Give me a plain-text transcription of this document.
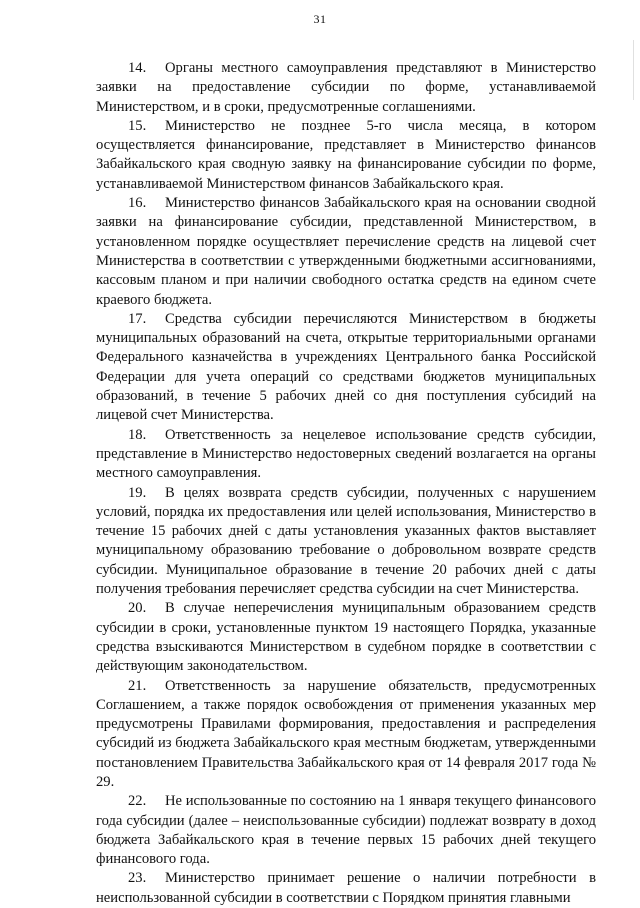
31

14. Органы местного самоуправления представляют в Министерство заявки на предоставление субсидии по форме, устанавливаемой Министерством, и в сроки, предусмотренные соглашениями.

15. Министерство не позднее 5-го числа месяца, в котором осуществляется финансирование, представляет в Министерство финансов Забайкальского края сводную заявку на финансирование субсидии по форме, устанавливаемой Министерством финансов Забайкальского края.

16. Министерство финансов Забайкальского края на основании сводной заявки на финансирование субсидии, представленной Министерством, в установленном порядке осуществляет перечисление средств на лицевой счет Министерства в соответствии с утвержденными бюджетными ассигнованиями, кассовым планом и при наличии свободного остатка средств на едином счете краевого бюджета.

17. Средства субсидии перечисляются Министерством в бюджеты муниципальных образований на счета, открытые территориальными органами Федерального казначейства в учреждениях Центрального банка Российской Федерации для учета операций со средствами бюджетов муниципальных образований, в течение 5 рабочих дней со дня поступления субсидий на лицевой счет Министерства.

18. Ответственность за нецелевое использование средств субсидии, представление в Министерство недостоверных сведений возлагается на органы местного самоуправления.

19. В целях возврата средств субсидии, полученных с нарушением условий, порядка их предоставления или целей использования, Министерство в течение 15 рабочих дней с даты установления указанных фактов выставляет муниципальному образованию требование о добровольном возврате средств субсидии. Муниципальное образование в течение 20 рабочих дней с даты получения требования перечисляет средства субсидии на счет Министерства.

20. В случае неперечисления муниципальным образованием средств субсидии в сроки, установленные пунктом 19 настоящего Порядка, указанные средства взыскиваются Министерством в судебном порядке в соответствии с действующим законодательством.

21. Ответственность за нарушение обязательств, предусмотренных Соглашением, а также порядок освобождения от применения указанных мер предусмотрены Правилами формирования, предоставления и распределения субсидий из бюджета Забайкальского края местным бюджетам, утвержденными постановлением Правительства Забайкальского края от 14 февраля 2017 года № 29.

22. Не использованные по состоянию на 1 января текущего финансового года субсидии (далее – неиспользованные субсидии) подлежат возврату в доход бюджета Забайкальского края в течение первых 15 рабочих дней текущего финансового года.

23. Министерство принимает решение о наличии потребности в неиспользованной субсидии в соответствии с Порядком принятия главными
